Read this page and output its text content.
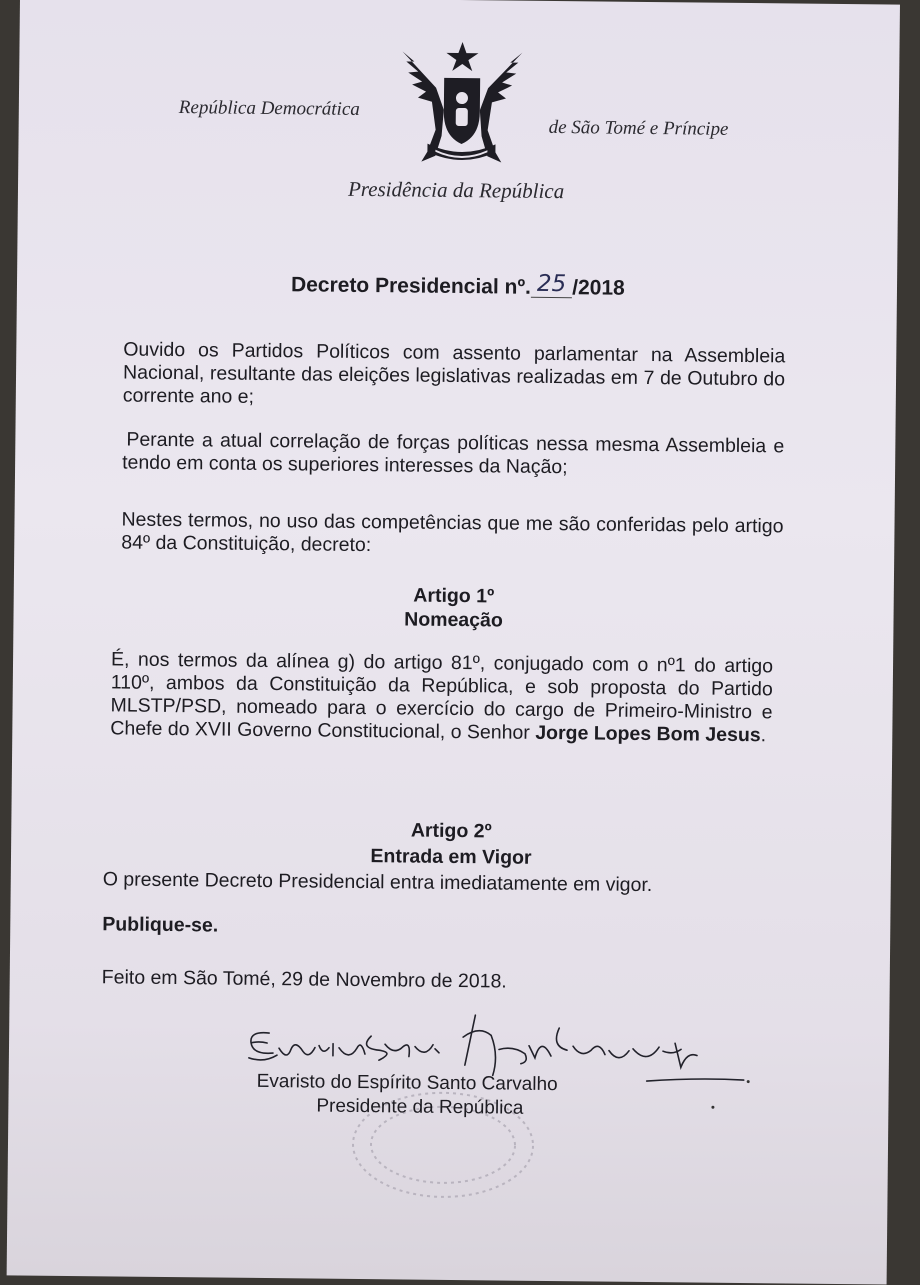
República Democrática
de São Tomé e Príncipe
Presidência da República
Decreto Presidencial nº. 25 /2018
Ouvido os Partidos Políticos com assento parlamentar na Assembleia Nacional, resultante das eleições legislativas realizadas em 7 de Outubro do corrente ano e;
Perante a atual correlação de forças políticas nessa mesma Assembleia e tendo em conta os superiores interesses da Nação;
Nestes termos, no uso das competências que me são conferidas pelo artigo 84º da Constituição, decreto:
Artigo 1º
Nomeação
É, nos termos da alínea g) do artigo 81º, conjugado com o nº1 do artigo 110º, ambos da Constituição da República, e sob proposta do Partido MLSTP/PSD, nomeado para o exercício do cargo de Primeiro-Ministro e Chefe do XVII Governo Constitucional, o Senhor Jorge Lopes Bom Jesus.
Artigo 2º
Entrada em Vigor
O presente Decreto Presidencial entra imediatamente em vigor.
Publique-se.
Feito em São Tomé, 29 de Novembro de 2018.
Evaristo do Espírito Santo Carvalho
Presidente da República
